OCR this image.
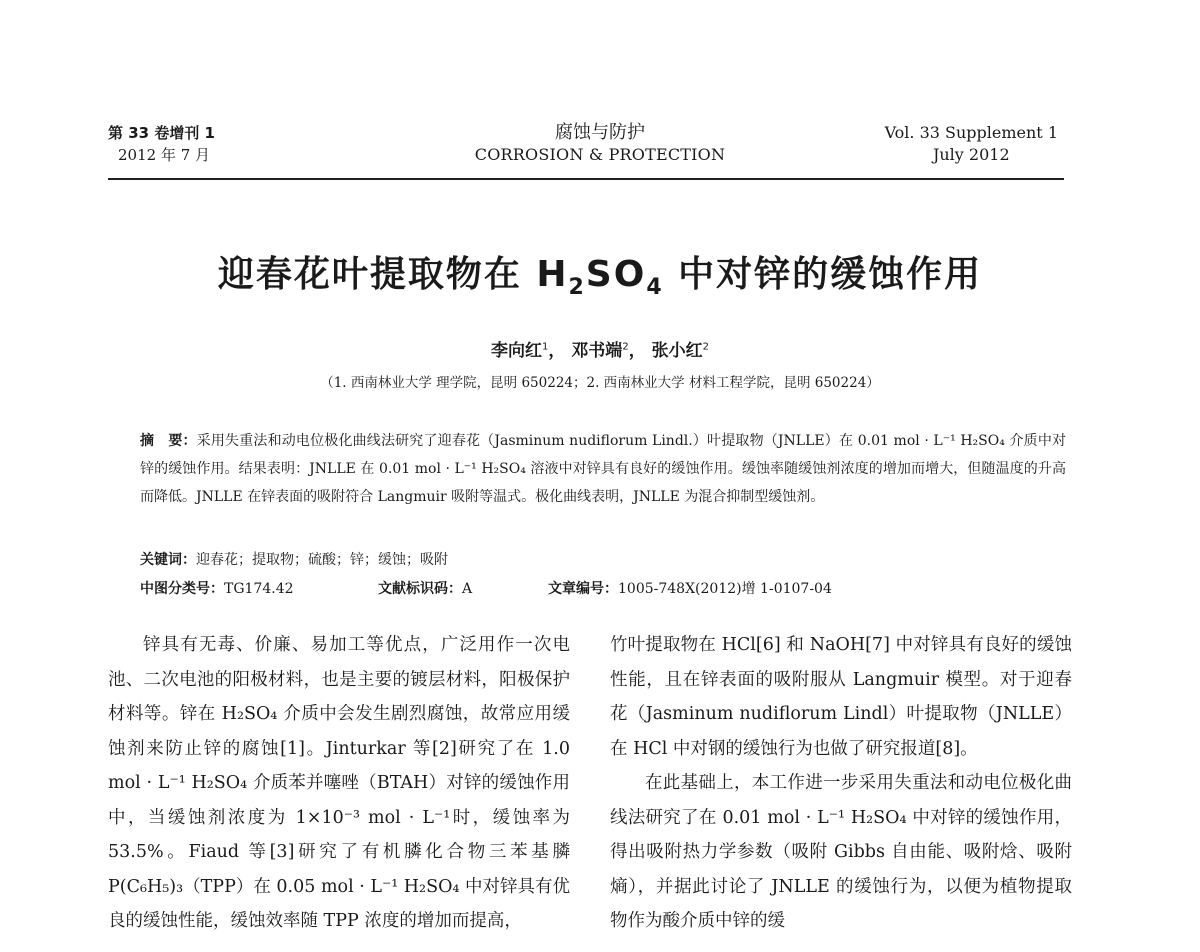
第 33 卷增刊 1
2012 年 7 月
腐蚀与防护
CORROSION & PROTECTION
Vol. 33 Supplement 1
July 2012
迎春花叶提取物在 $H_2SO_4$ 中对锌的缓蚀作用
李向红$^1$， 邓书端$^2$， 张小红$^2$
（1. 西南林业大学 理学院，昆明 650224；2. 西南林业大学 材料工程学院，昆明 650224）
摘　要：采用失重法和动电位极化曲线法研究了迎春花（Jasminum nudiflorum Lindl.）叶提取物（JNLLE）在 0.01 mol · L⁻¹ H₂SO₄ 介质中对锌的缓蚀作用。结果表明：JNLLE 在 0.01 mol · L⁻¹ H₂SO₄ 溶液中对锌具有良好的缓蚀作用。缓蚀率随缓蚀剂浓度的增加而增大，但随温度的升高而降低。JNLLE 在锌表面的吸附符合 Langmuir 吸附等温式。极化曲线表明，JNLLE 为混合抑制型缓蚀剂。
关键词：迎春花；提取物；硫酸；锌；缓蚀；吸附
中图分类号：TG174.42	文献标识码：A	文章编号：1005-748X(2012)增 1-0107-04

锌具有无毒、价廉、易加工等优点，广泛用作一次电池、二次电池的阳极材料，也是主要的镀层材料，阳极保护材料等。锌在 H₂SO₄ 介质中会发生剧烈腐蚀，故常应用缓蚀剂来防止锌的腐蚀[1]。Jinturkar 等[2]研究了在 1.0 mol · L⁻¹ H₂SO₄ 介质苯并噻唑（BTAH）对锌的缓蚀作用中，当缓蚀剂浓度为 1×10⁻³ mol · L⁻¹时，缓蚀率为 53.5%。Fiaud 等[3]研究了有机膦化合物三苯基膦 P(C₆H₅)₃（TPP）在 0.05 mol · L⁻¹ H₂SO₄ 中对锌具有优良的缓蚀性能，缓蚀效率随 TPP 浓度的增加而提高，

竹叶提取物在 HCl[6] 和 NaOH[7] 中对锌具有良好的缓蚀性能，且在锌表面的吸附服从 Langmuir 模型。对于迎春花（Jasminum nudiflorum Lindl）叶提取物（JNLLE）在 HCl 中对钢的缓蚀行为也做了研究报道[8]。

在此基础上，本工作进一步采用失重法和动电位极化曲线法研究了在 0.01 mol · L⁻¹ H₂SO₄ 中对锌的缓蚀作用，得出吸附热力学参数（吸附 Gibbs 自由能、吸附焓、吸附熵），并据此讨论了 JNLLE 的缓蚀行为，以便为植物提取物作为酸介质中锌的缓
